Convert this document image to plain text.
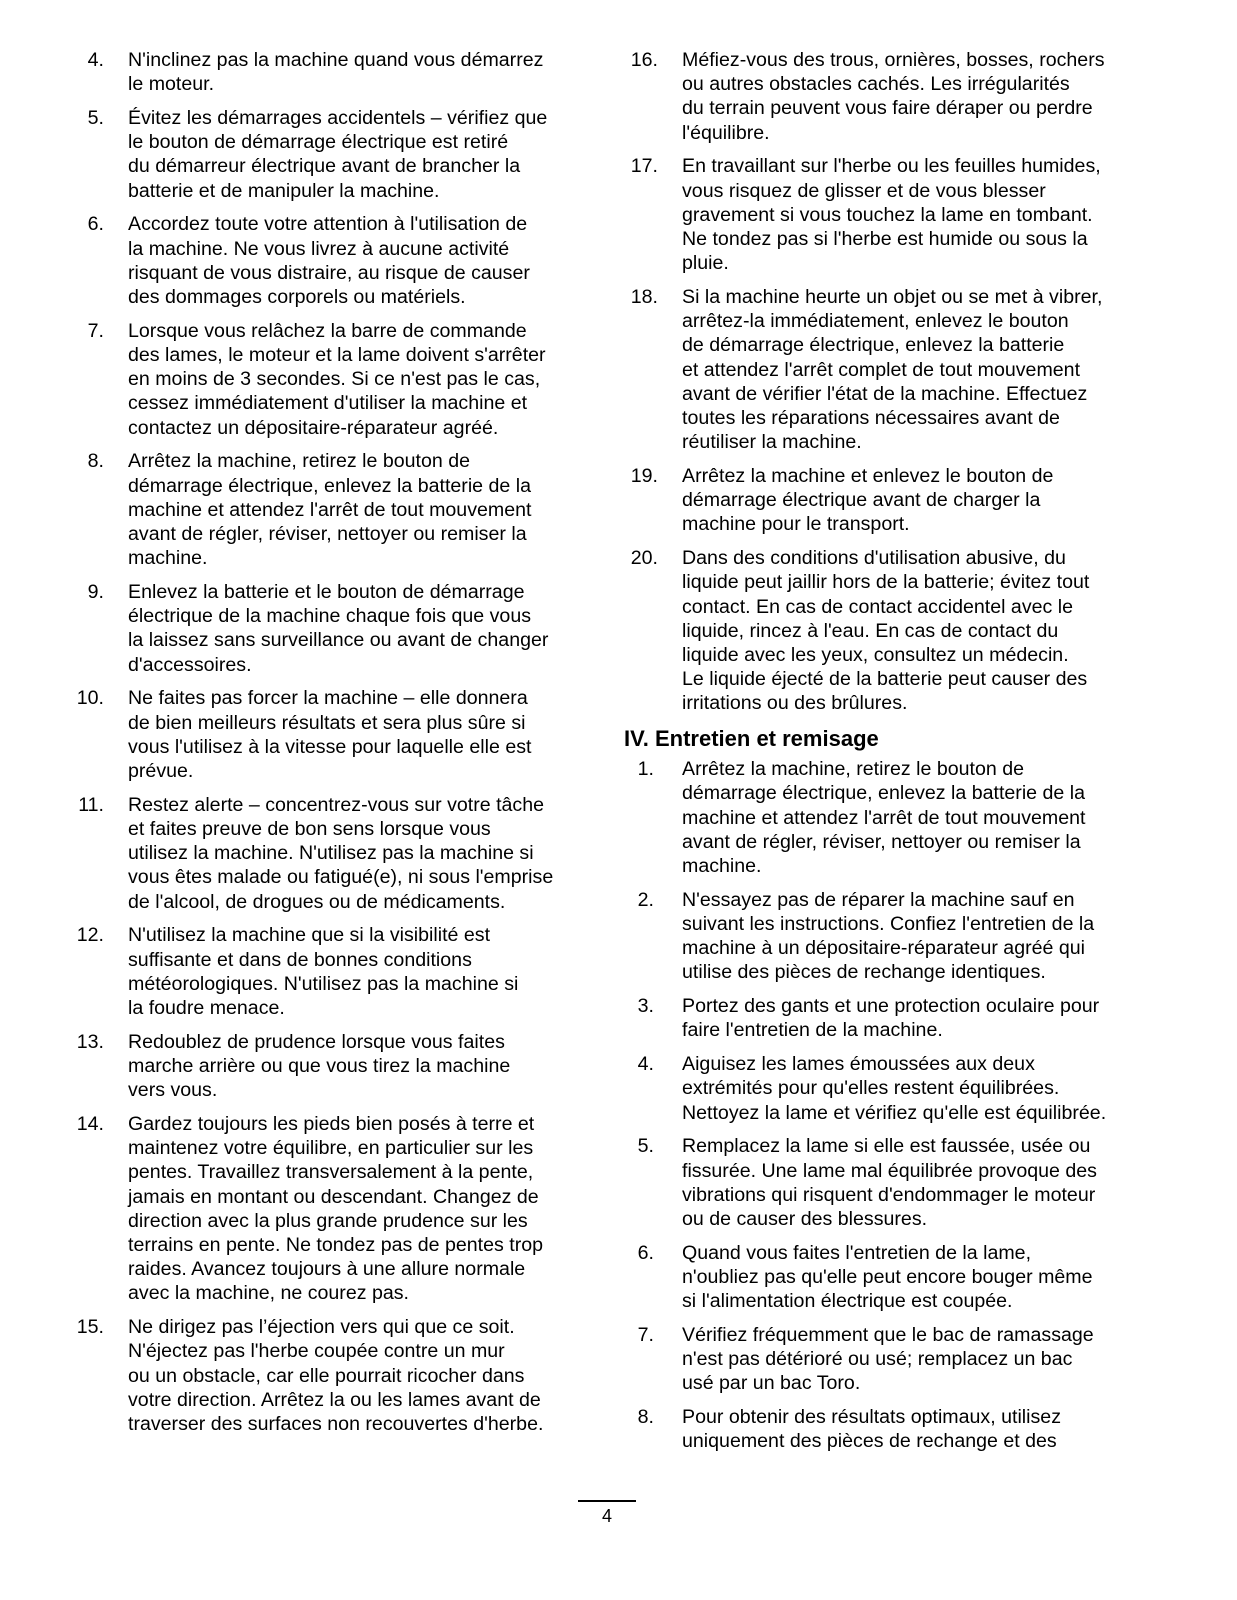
4. N'inclinez pas la machine quand vous démarrez
le moteur.
5. Évitez les démarrages accidentels – vérifiez que
le bouton de démarrage électrique est retiré
du démarreur électrique avant de brancher la
batterie et de manipuler la machine.
6. Accordez toute votre attention à l'utilisation de
la machine. Ne vous livrez à aucune activité
risquant de vous distraire, au risque de causer
des dommages corporels ou matériels.
7. Lorsque vous relâchez la barre de commande
des lames, le moteur et la lame doivent s'arrêter
en moins de 3 secondes. Si ce n'est pas le cas,
cessez immédiatement d'utiliser la machine et
contactez un dépositaire-réparateur agréé.
8. Arrêtez la machine, retirez le bouton de
démarrage électrique, enlevez la batterie de la
machine et attendez l'arrêt de tout mouvement
avant de régler, réviser, nettoyer ou remiser la
machine.
9. Enlevez la batterie et le bouton de démarrage
électrique de la machine chaque fois que vous
la laissez sans surveillance ou avant de changer
d'accessoires.
10. Ne faites pas forcer la machine – elle donnera
de bien meilleurs résultats et sera plus sûre si
vous l'utilisez à la vitesse pour laquelle elle est
prévue.
11. Restez alerte – concentrez-vous sur votre tâche
et faites preuve de bon sens lorsque vous
utilisez la machine. N'utilisez pas la machine si
vous êtes malade ou fatigué(e), ni sous l'emprise
de l'alcool, de drogues ou de médicaments.
12. N'utilisez la machine que si la visibilité est
suffisante et dans de bonnes conditions
météorologiques. N'utilisez pas la machine si
la foudre menace.
13. Redoublez de prudence lorsque vous faites
marche arrière ou que vous tirez la machine
vers vous.
14. Gardez toujours les pieds bien posés à terre et
maintenez votre équilibre, en particulier sur les
pentes. Travaillez transversalement à la pente,
jamais en montant ou descendant. Changez de
direction avec la plus grande prudence sur les
terrains en pente. Ne tondez pas de pentes trop
raides. Avancez toujours à une allure normale
avec la machine, ne courez pas.
15. Ne dirigez pas l’éjection vers qui que ce soit.
N'éjectez pas l'herbe coupée contre un mur
ou un obstacle, car elle pourrait ricocher dans
votre direction. Arrêtez la ou les lames avant de
traverser des surfaces non recouvertes d'herbe.
16. Méfiez-vous des trous, ornières, bosses, rochers
ou autres obstacles cachés. Les irrégularités
du terrain peuvent vous faire déraper ou perdre
l'équilibre.
17. En travaillant sur l'herbe ou les feuilles humides,
vous risquez de glisser et de vous blesser
gravement si vous touchez la lame en tombant.
Ne tondez pas si l'herbe est humide ou sous la
pluie.
18. Si la machine heurte un objet ou se met à vibrer,
arrêtez-la immédiatement, enlevez le bouton
de démarrage électrique, enlevez la batterie
et attendez l'arrêt complet de tout mouvement
avant de vérifier l'état de la machine. Effectuez
toutes les réparations nécessaires avant de
réutiliser la machine.
19. Arrêtez la machine et enlevez le bouton de
démarrage électrique avant de charger la
machine pour le transport.
20. Dans des conditions d'utilisation abusive, du
liquide peut jaillir hors de la batterie; évitez tout
contact. En cas de contact accidentel avec le
liquide, rincez à l'eau. En cas de contact du
liquide avec les yeux, consultez un médecin.
Le liquide éjecté de la batterie peut causer des
irritations ou des brûlures.
IV. Entretien et remisage
1. Arrêtez la machine, retirez le bouton de
démarrage électrique, enlevez la batterie de la
machine et attendez l'arrêt de tout mouvement
avant de régler, réviser, nettoyer ou remiser la
machine.
2. N'essayez pas de réparer la machine sauf en
suivant les instructions. Confiez l'entretien de la
machine à un dépositaire-réparateur agréé qui
utilise des pièces de rechange identiques.
3. Portez des gants et une protection oculaire pour
faire l'entretien de la machine.
4. Aiguisez les lames émoussées aux deux
extrémités pour qu'elles restent équilibrées.
Nettoyez la lame et vérifiez qu'elle est équilibrée.
5. Remplacez la lame si elle est faussée, usée ou
fissurée. Une lame mal équilibrée provoque des
vibrations qui risquent d'endommager le moteur
ou de causer des blessures.
6. Quand vous faites l'entretien de la lame,
n'oubliez pas qu'elle peut encore bouger même
si l'alimentation électrique est coupée.
7. Vérifiez fréquemment que le bac de ramassage
n'est pas détérioré ou usé; remplacez un bac
usé par un bac Toro.
8. Pour obtenir des résultats optimaux, utilisez
uniquement des pièces de rechange et des
4
